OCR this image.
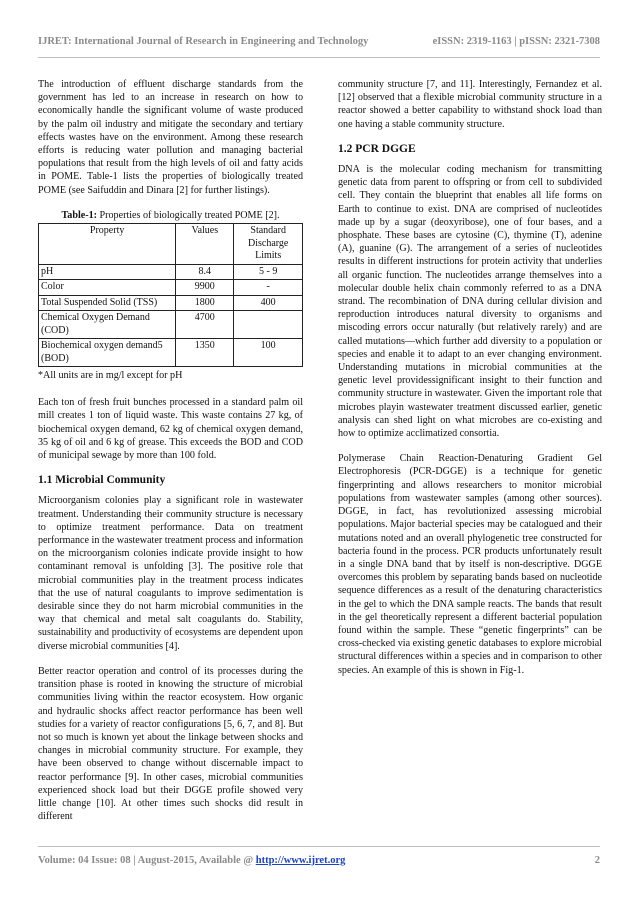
IJRET: International Journal of Research in Engineering and Technology	eISSN: 2319-1163 | pISSN: 2321-7308

The introduction of effluent discharge standards from the government has led to an increase in research on how to economically handle the significant volume of waste produced by the palm oil industry and mitigate the secondary and tertiary effects wastes have on the environment. Among these research efforts is reducing water pollution and managing bacterial populations that result from the high levels of oil and fatty acids in POME. Table-1 lists the properties of biologically treated POME (see Saifuddin and Dinara [2] for further listings).

Table-1: Properties of biologically treated POME [2].
Property	Values	Standard Discharge Limits
pH	8.4	5 - 9
Color	9900	-
Total Suspended Solid (TSS)	1800	400
Chemical Oxygen Demand (COD)	4700	
Biochemical oxygen demand5 (BOD)	1350	100
*All units are in mg/l except for pH

Each ton of fresh fruit bunches processed in a standard palm oil mill creates 1 ton of liquid waste. This waste contains 27 kg, of biochemical oxygen demand, 62 kg of chemical oxygen demand, 35 kg of oil and 6 kg of grease. This exceeds the BOD and COD of municipal sewage by more than 100 fold.

1.1 Microbial Community

Microorganism colonies play a significant role in wastewater treatment. Understanding their community structure is necessary to optimize treatment performance. Data on treatment performance in the wastewater treatment process and information on the microorganism colonies indicate provide insight to how contaminant removal is unfolding [3]. The positive role that microbial communities play in the treatment process indicates that the use of natural coagulants to improve sedimentation is desirable since they do not harm microbial communities in the way that chemical and metal salt coagulants do. Stability, sustainability and productivity of ecosystems are dependent upon diverse microbial communities [4].

Better reactor operation and control of its processes during the transition phase is rooted in knowing the structure of microbial communities living within the reactor ecosystem. How organic and hydraulic shocks affect reactor performance has been well studies for a variety of reactor configurations [5, 6, 7, and 8]. But not so much is known yet about the linkage between shocks and changes in microbial community structure. For example, they have been observed to change without discernable impact to reactor performance [9]. In other cases, microbial communities experienced shock load but their DGGE profile showed very little change [10]. At other times such shocks did result in different

community structure [7, and 11]. Interestingly, Fernandez et al. [12] observed that a flexible microbial community structure in a reactor showed a better capability to withstand shock load than one having a stable community structure.

1.2 PCR DGGE

DNA is the molecular coding mechanism for transmitting genetic data from parent to offspring or from cell to subdivided cell. They contain the blueprint that enables all life forms on Earth to continue to exist. DNA are comprised of nucleotides made up by a sugar (deoxyribose), one of four bases, and a phosphate. These bases are cytosine (C), thymine (T), adenine (A), guanine (G). The arrangement of a series of nucleotides results in different instructions for protein activity that underlies all organic function. The nucleotides arrange themselves into a molecular double helix chain commonly referred to as a DNA strand. The recombination of DNA during cellular division and reproduction introduces natural diversity to organisms and miscoding errors occur naturally (but relatively rarely) and are called mutations—which further add diversity to a population or species and enable it to adapt to an ever changing environment. Understanding mutations in microbial communities at the genetic level providessignificant insight to their function and community structure in wastewater. Given the important role that microbes playin wastewater treatment discussed earlier, genetic analysis can shed light on what microbes are co-existing and how to optimize acclimatized consortia.

Polymerase Chain Reaction-Denaturing Gradient Gel Electrophoresis (PCR-DGGE) is a technique for genetic fingerprinting and allows researchers to monitor microbial populations from wastewater samples (among other sources). DGGE, in fact, has revolutionized assessing microbial populations. Major bacterial species may be catalogued and their mutations noted and an overall phylogenetic tree constructed for bacteria found in the process. PCR products unfortunately result in a single DNA band that by itself is non-descriptive. DGGE overcomes this problem by separating bands based on nucleotide sequence differences as a result of the denaturing characteristics in the gel to which the DNA sample reacts. The bands that result in the gel theoretically represent a different bacterial population found within the sample. These “genetic fingerprints” can be cross-checked via existing genetic databases to explore microbial structural differences within a species and in comparison to other species. An example of this is shown in Fig-1.

Volume: 04 Issue: 08 | August-2015, Available @ http://www.ijret.org	2
